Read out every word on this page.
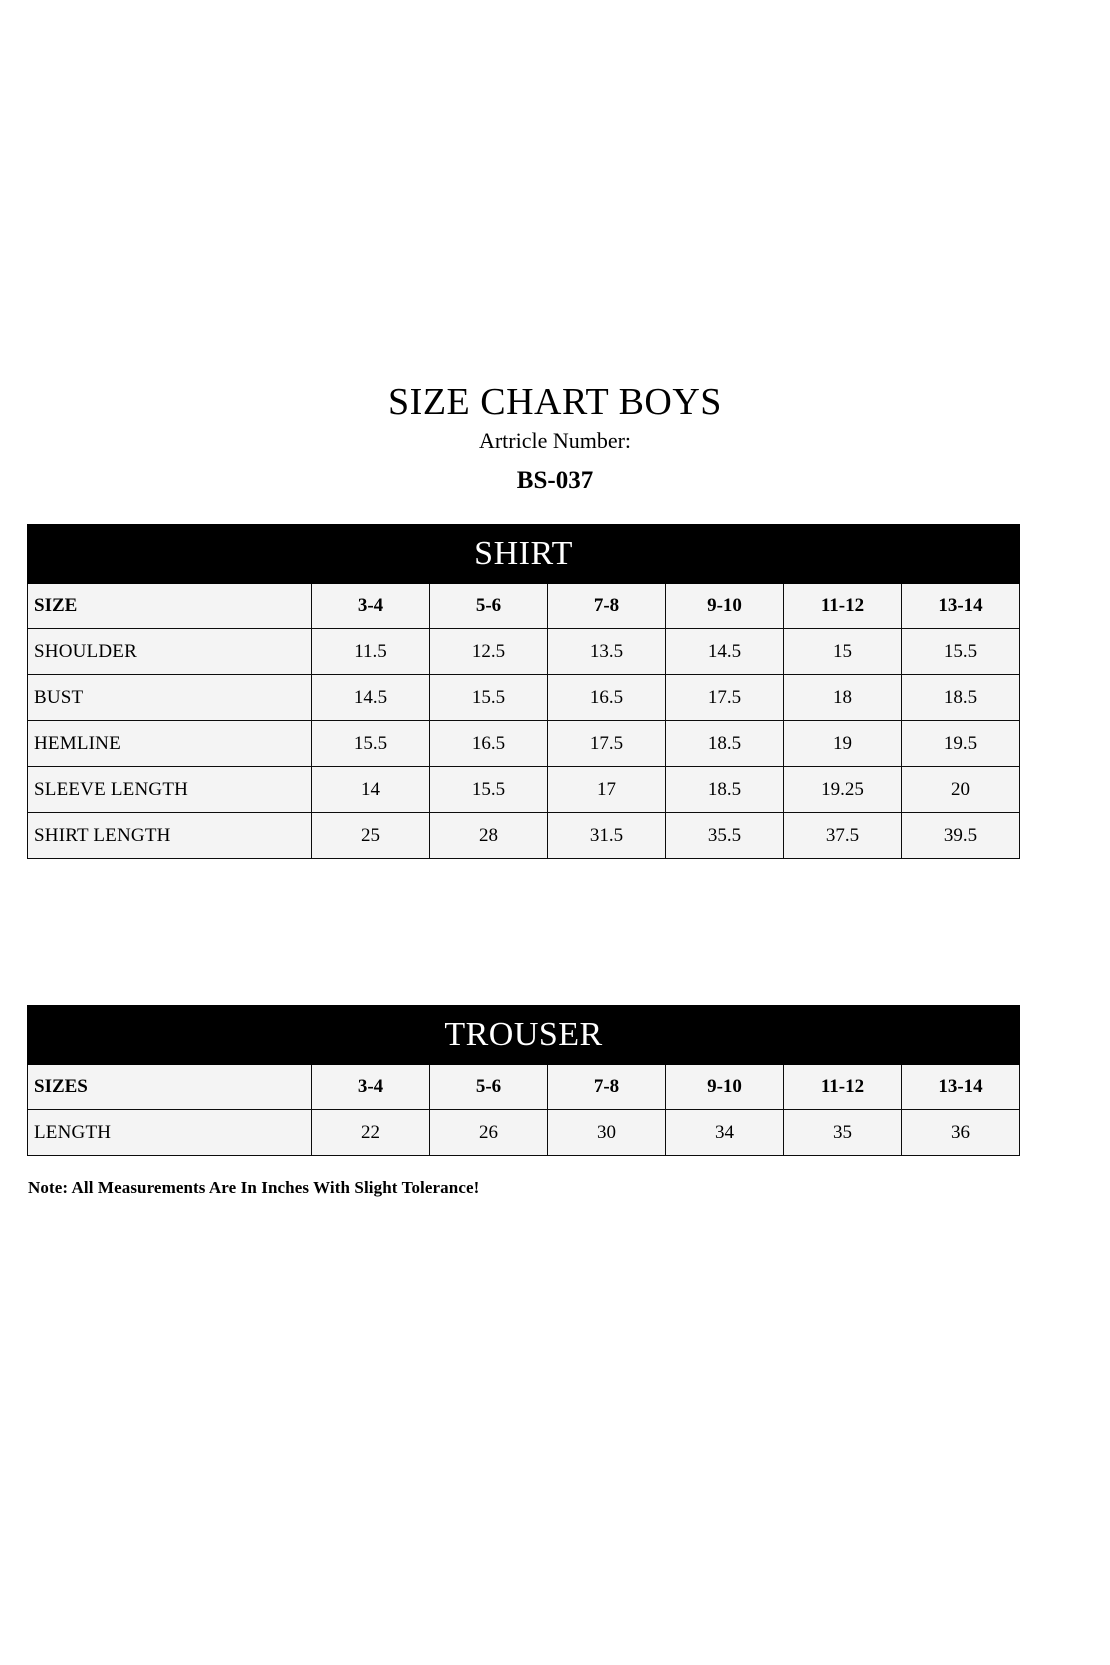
SIZE CHART BOYS
Artricle Number:
BS-037
SHIRT						
SIZE	3-4	5-6	7-8	9-10	11-12	13-14
SHOULDER	11.5	12.5	13.5	14.5	15	15.5
BUST	14.5	15.5	16.5	17.5	18	18.5
HEMLINE	15.5	16.5	17.5	18.5	19	19.5
SLEEVE LENGTH	14	15.5	17	18.5	19.25	20
SHIRT LENGTH	25	28	31.5	35.5	37.5	39.5
TROUSER						
SIZES	3-4	5-6	7-8	9-10	11-12	13-14
LENGTH	22	26	30	34	35	36
Note: All Measurements Are In Inches With Slight Tolerance!
